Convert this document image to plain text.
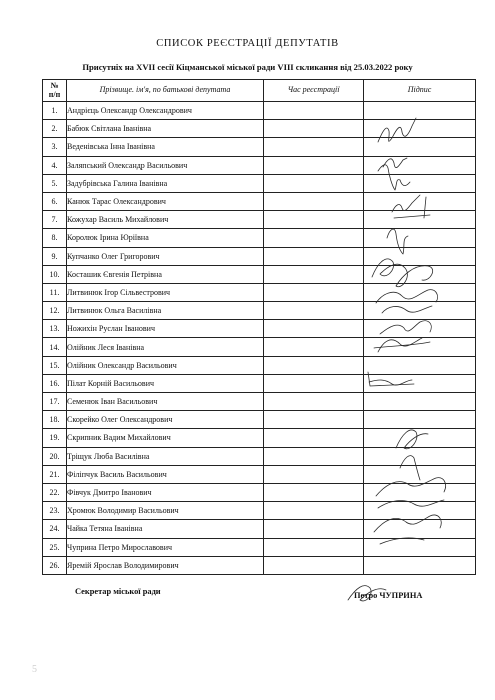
СПИСОК РЕЄСТРАЦІЇ ДЕПУТАТІВ
Присутніх на XVII сесії Кіцманської міської ради VIII скликання від 25.03.2022 року
№
п/п	Прізвище. ім'я, по батькові депутата	Час реєстрації	Підпис
1.	Андрієць Олександр Олександрович		
2.	Бабюк Світлана Іванівна		
3.	Веденівська Інна Іванівна		
4.	Заляпський Олександр Васильович		
5.	Задубрівська Галина Іванівна		
6.	Канюк Тарас Олександрович		
7.	Кожухар Василь Михайлович		
8.	Королюк Ірина Юріївна		
9.	Купчанко Олег Григорович		
10.	Косташик Євгенія Петрівна		
11.	Литвинюк Ігор Сільвестрович		
12.	Литвинюк Ольга Василівна		
13.	Ножихін Руслан Іванович		
14.	Олійник Леся Іванівна		
15.	Олійник Олександр Васильович		
16.	Пілат Корній Васильович		
17.	Семенюк Іван Васильович		
18.	Скорейко Олег Олександрович		
19.	Скрипник Вадим Михайлович		
20.	Тріщук Люба Василівна		
21.	Філіпчук Василь Васильович		
22.	Фівчук Дмитро Іванович		
23.	Хромюк Володимир Васильович		
24.	Чайка Тетяна Іванівна		
25.	Чуприна Петро Мирославович		
26.	Яремій Ярослав Володимирович		
Секретар міської ради	Петро ЧУПРИНА
5
